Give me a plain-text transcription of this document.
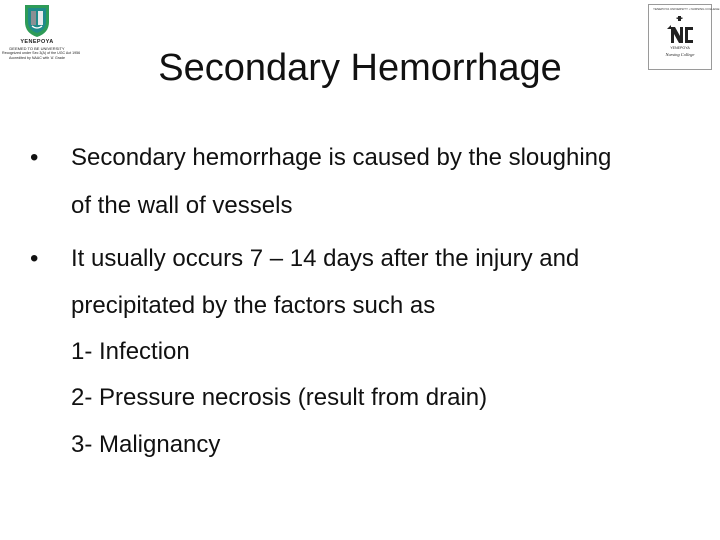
YENEPOYA
DEEMED TO BE UNIVERSITY
Recognized under Sec 3(A) of the UGC Act 1956
Accredited by NAAC with 'A' Grade
YENEPOYA UNIVERSITY • NURSING COLLEGE
YENEPOYA
Nursing College
Secondary Hemorrhage
• Secondary hemorrhage is caused by the sloughing
of the wall of vessels
• It usually occurs 7 – 14 days after the injury and
precipitated by the factors such as
1- Infection
2- Pressure necrosis (result from drain)
3- Malignancy
